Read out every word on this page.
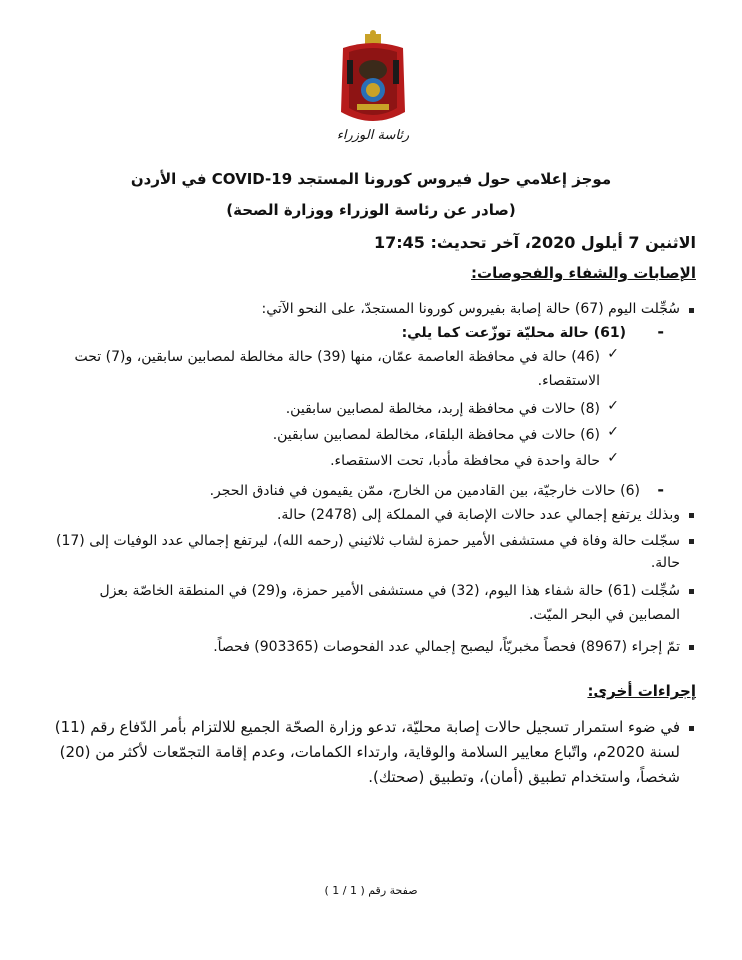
رئاسة الوزراء
موجز إعلامي حول فيروس كورونا المستجد COVID-19 في الأردن
(صادر عن رئاسة الوزراء ووزارة الصحة)
الاثنين 7 أيلول 2020، آخر تحديث: 17:45
الإصابات والشفاء والفحوصات:
سُجِّلت اليوم (67) حالة إصابة بفيروس كورونا المستجدّ، على النحو الآتي:
-
(61) حالة محليّة توزّعت كما يلي:
✓
(46) حالة في محافظة العاصمة عمّان، منها (39) حالة مخالطة لمصابين سابقين، و(7) تحت
الاستقصاء.
✓
(8) حالات في محافظة إربد، مخالطة لمصابين سابقين.
✓
(6) حالات في محافظة البلقاء، مخالطة لمصابين سابقين.
✓
حالة واحدة في محافظة مأدبا، تحت الاستقصاء.
-
(6) حالات خارجيّة، بين القادمين من الخارج، ممّن يقيمون في فنادق الحجر.
وبذلك يرتفع إجمالي عدد حالات الإصابة في المملكة إلى (2478) حالة.
سجّلت حالة وفاة في مستشفى الأمير حمزة لشاب ثلاثيني (رحمه الله)، ليرتفع إجمالي عدد الوفيات إلى (17)
حالة.
سُجِّلت (61) حالة شفاء هذا اليوم، (32) في مستشفى الأمير حمزة، و(29) في المنطقة الخاصّة بعزل
المصابين في البحر الميّت.
تمّ إجراء (8967) فحصاً مخبريّاً، ليصبح إجمالي عدد الفحوصات (903365) فحصاً.
إجراءات أخرى:
في ضوء استمرار تسجيل حالات إصابة محليّة، تدعو وزارة الصحّة الجميع للالتزام بأمر الدّفاع رقم (11)
لسنة 2020م، واتّباع معايير السلامة والوقاية، وارتداء الكمامات، وعدم إقامة التجمّعات لأكثر من (20)
شخصاً، واستخدام تطبيق (أمان)، وتطبيق (صحتك).
صفحة رقم ( 1 / 1 )
